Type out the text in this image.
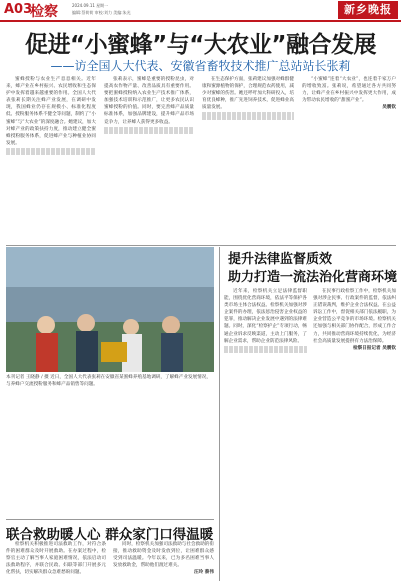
A03
检察	2024.09.11 星期一
编辑:蔡荷荷 审校:刘力 美编:朱光	新乡晚报
促进“小蜜蜂”与“大农业”融合发展
——访全国人大代表、安徽省畜牧技术推广总站站长张莉

蜜蜂授粉与农业生产息息相关。近年来，蜂产业在乡村振兴、农民增收和生态保护中发挥着越来越重要的作用。全国人大代表张莉长期关注蜂产业发展，在调研中发现，我国蜂业仍存在规模小、标准化程度低、授粉服务体系不健全等问题，制约了“小蜜蜂”与“大农业”的深度融合。她建议，加大对蜂产业的政策扶持力度，推动建立健全蜜蜂授粉服务体系，促进蜂产业与种植业协同发展。

张莉表示，蜜蜂是重要的授粉昆虫，对提高农作物产量、改善品质具有重要作用。要把蜜蜂授粉纳入农业生产技术推广体系，加强技术培训和示范推广，让更多农民认识蜜蜂授粉的价值。同时，要完善蜂产品质量标准体系，加强品牌建设，提升蜂产品市场竞争力，让养蜂人获得更多收益。

在生态保护方面，张莉建议加强对蜂群健康和蜜源植物的保护，合理规范农药使用，减少对蜜蜂的伤害。她还呼吁加大科研投入，培育优良蜂种，推广先进饲养技术，促进蜂业高质量发展。

“小蜜蜂”连着“大农业”，也连着千家万户的增收致富。张莉说，希望通过各方共同努力，让蜂产业在乡村振兴中发挥更大作用，成为带动农民增收的“甜蜜产业”。

吴震钦

本刊记者 王晓静 / 摄 近日，全国人大代表张莉在安徽省某蜜蜂养殖基地调研，了解蜂产业发展情况，与养蜂户交流授粉服务和蜂产品销售等问题。
提升法律监督质效
助力打造一流法治化营商环境

近年来，检察机关立足法律监督职能，围绕优化营商环境，依法平等保护各类市场主体合法权益。检察机关加强对涉企案件的办理，依法惩治侵害企业权益的犯罪，推动解决企业发展中遇到的法律难题。同时，深化“检察护企”专项行动，畅通企业诉求反映渠道，主动上门服务，了解企业需求，帮助企业防范法律风险。

在民事行政检察工作中，检察机关加强对涉企民事、行政案件的监督，依法纠正错误裁判，维护企业合法权益。在公益诉讼工作中，督促相关部门依法履职，为企业营造公平竞争的市场环境。检察机关还加强与相关部门协作配合，形成工作合力，共同推动营商环境持续优化，为经济社会高质量发展提供有力法治保障。

检察日报记者 吴震钦

联合救助暖人心 群众家门口得温暖

检察机关积极推进司法救助工作，对符合条件的困难群众及时开展救助。在办案过程中，检察官主动了解当事人家庭困难情况，依法启动司法救助程序，并联合民政、妇联等部门开展多元化帮扶，切实解决群众急难愁盼问题。

同时，检察机关加强司法救助与社会救助的衔接，推动救助资金及时发放到位，让困难群众感受到司法温暖。今年以来，已为多名困难当事人发放救助金，帮助他们渡过难关。

汪玲 蔡伟
